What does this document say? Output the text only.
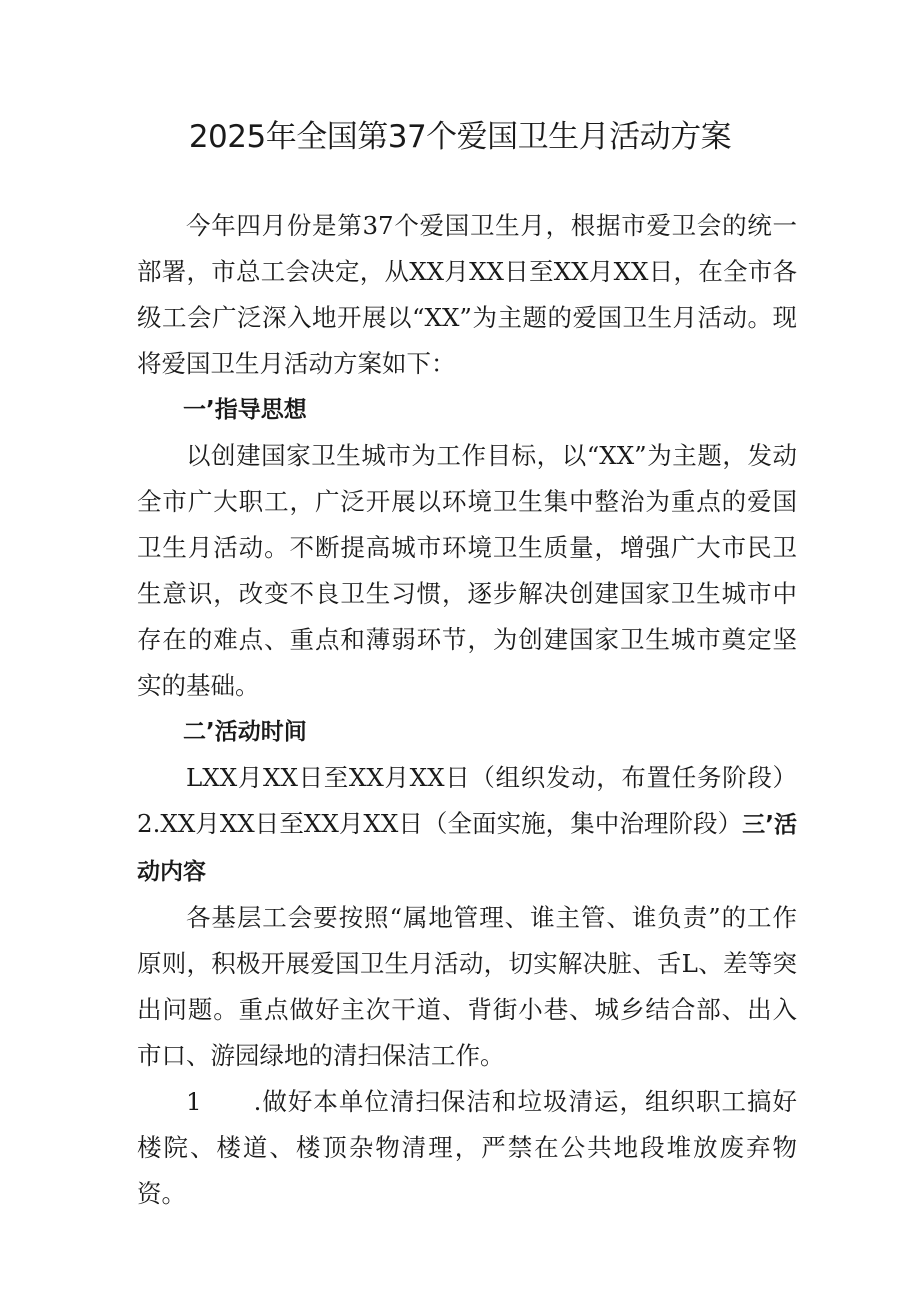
2025年全国第37个爱国卫生月活动方案

今年四月份是第37个爱国卫生月，根据市爱卫会的统一部署，市总工会决定，从XX月XX日至XX月XX日，在全市各级工会广泛深入地开展以“XX”为主题的爱国卫生月活动。现将爱国卫生月活动方案如下：

一’指导思想

以创建国家卫生城市为工作目标，以“XX”为主题，发动全市广大职工，广泛开展以环境卫生集中整治为重点的爱国卫生月活动。不断提高城市环境卫生质量，增强广大市民卫生意识，改变不良卫生习惯，逐步解决创建国家卫生城市中存在的难点、重点和薄弱环节，为创建国家卫生城市奠定坚实的基础。

二’活动时间

LXX月XX日至XX月XX日（组织发动，布置任务阶段）2.XX月XX日至XX月XX日（全面实施，集中治理阶段）三’活动内容

各基层工会要按照“属地管理、谁主管、谁负责”的工作原则，积极开展爱国卫生月活动，切实解决脏、舌L、差等突出问题。重点做好主次干道、背街小巷、城乡结合部、出入市口、游园绿地的清扫保洁工作。

1 .做好本单位清扫保洁和垃圾清运，组织职工搞好楼院、楼道、楼顶杂物清理，严禁在公共地段堆放废弃物资。
